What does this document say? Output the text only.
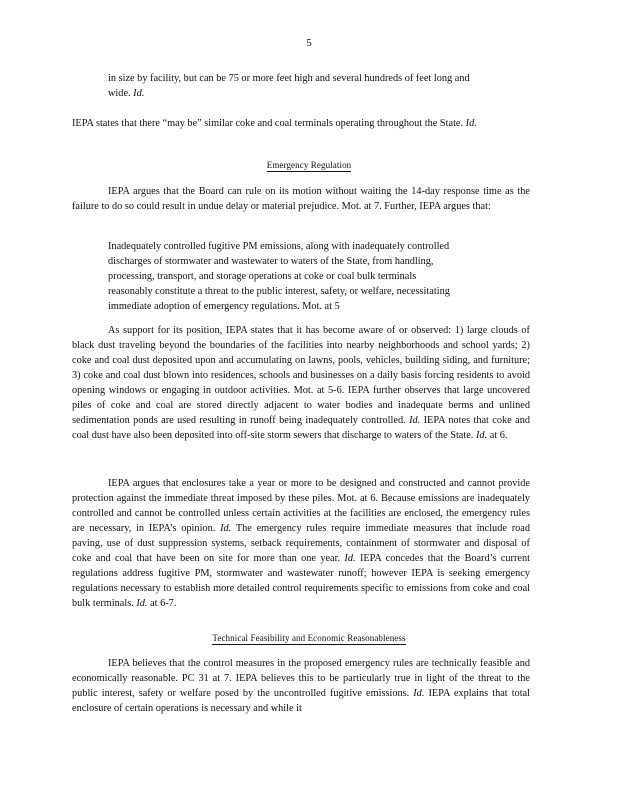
5

in size by facility, but can be 75 or more feet high and several hundreds of feet long and wide. Id.

IEPA states that there “may be” similar coke and coal terminals operating throughout the State. Id.

Emergency Regulation

IEPA argues that the Board can rule on its motion without waiting the 14-day response time as the failure to do so could result in undue delay or material prejudice. Mot. at 7. Further, IEPA argues that:

Inadequately controlled fugitive PM emissions, along with inadequately controlled discharges of stormwater and wastewater to waters of the State, from handling, processing, transport, and storage operations at coke or coal bulk terminals reasonably constitute a threat to the public interest, safety, or welfare, necessitating immediate adoption of emergency regulations. Mot. at 5

As support for its position, IEPA states that it has become aware of or observed: 1) large clouds of black dust traveling beyond the boundaries of the facilities into nearby neighborhoods and school yards; 2) coke and coal dust deposited upon and accumulating on lawns, pools, vehicles, building siding, and furniture; 3) coke and coal dust blown into residences, schools and businesses on a daily basis forcing residents to avoid opening windows or engaging in outdoor activities. Mot. at 5-6. IEPA further observes that large uncovered piles of coke and coal are stored directly adjacent to water bodies and inadequate berms and unlined sedimentation ponds are used resulting in runoff being inadequately controlled. Id. IEPA notes that coke and coal dust have also been deposited into off-site storm sewers that discharge to waters of the State. Id. at 6.

IEPA argues that enclosures take a year or more to be designed and constructed and cannot provide protection against the immediate threat imposed by these piles. Mot. at 6. Because emissions are inadequately controlled and cannot be controlled unless certain activities at the facilities are enclosed, the emergency rules are necessary, in IEPA’s opinion. Id. The emergency rules require immediate measures that include road paving, use of dust suppression systems, setback requirements, containment of stormwater and disposal of coke and coal that have been on site for more than one year. Id. IEPA concedes that the Board’s current regulations address fugitive PM, stormwater and wastewater runoff; however IEPA is seeking emergency regulations necessary to establish more detailed control requirements specific to emissions from coke and coal bulk terminals. Id. at 6-7.

Technical Feasibility and Economic Reasonableness

IEPA believes that the control measures in the proposed emergency rules are technically feasible and economically reasonable. PC 31 at 7. IEPA believes this to be particularly true in light of the threat to the public interest, safety or welfare posed by the uncontrolled fugitive emissions. Id. IEPA explains that total enclosure of certain operations is necessary and while it
